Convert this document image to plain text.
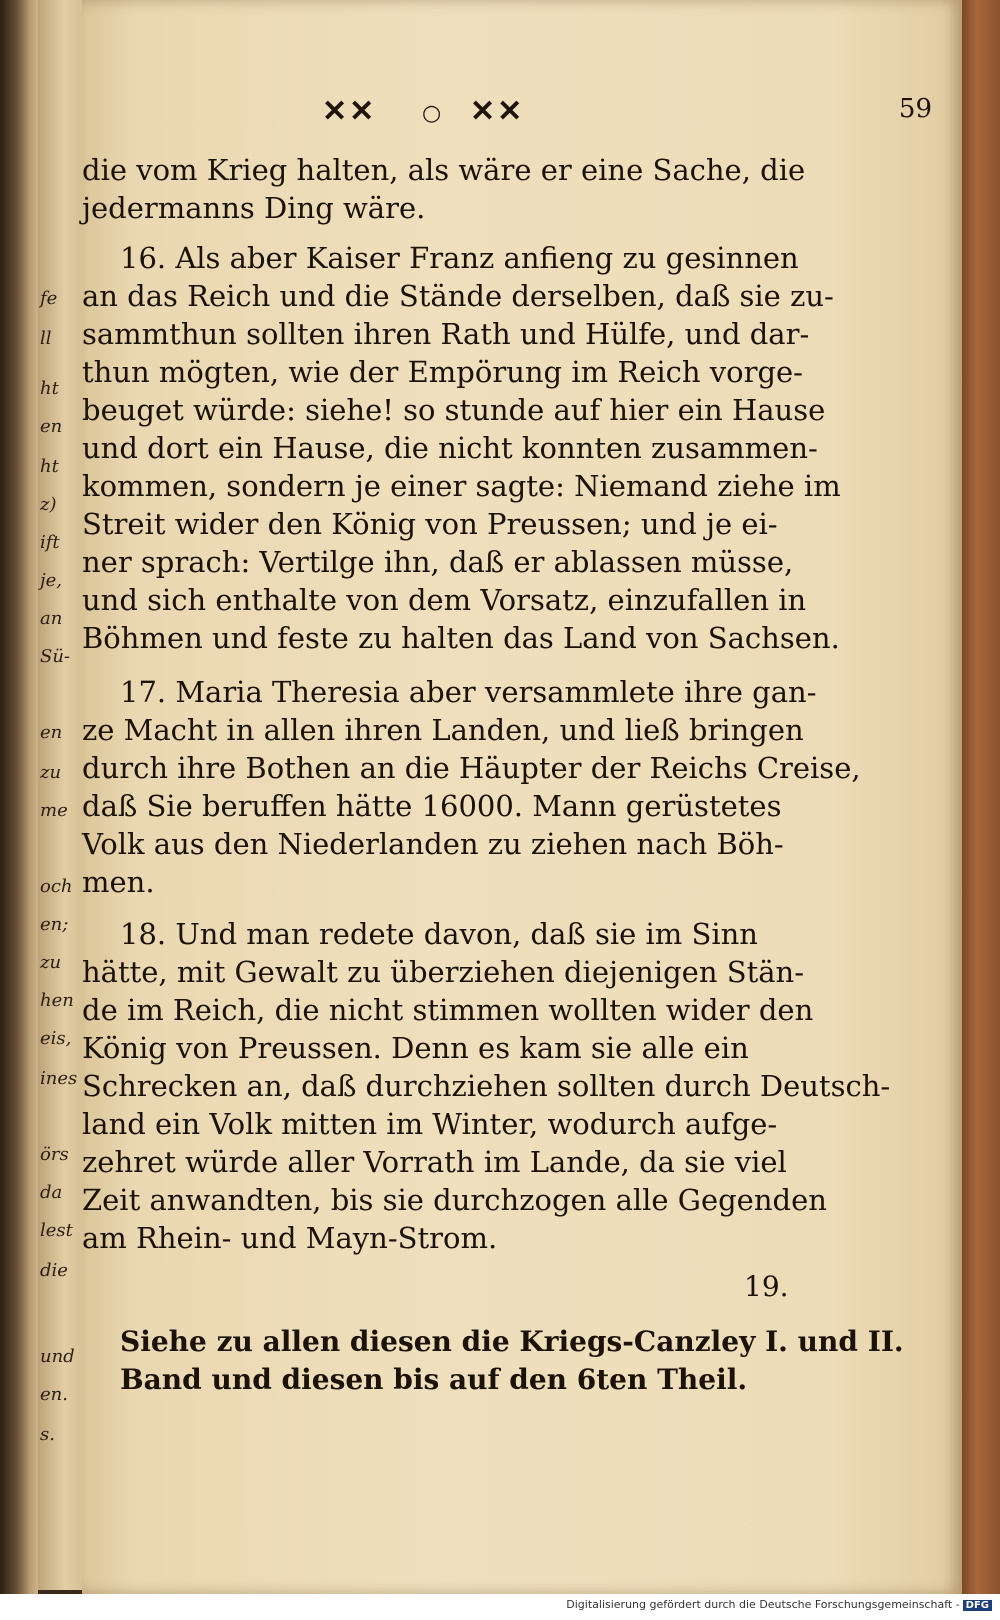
fe
ll
ht
en
ht
z)
ift
je,
an
Sü-
en
zu
me
och
en;
zu
hen
eis,
ines
örs
da
lest
die
und
en.
s.
✕✕ ○ ✕✕	59
die vom Krieg halten, als wäre er eine Sache, die
jedermanns Ding wäre.
16. Als aber Kaiser Franz anfieng zu gesinnen
an das Reich und die Stände derselben, daß sie zu-
sammthun sollten ihren Rath und Hülfe, und dar-
thun mögten, wie der Empörung im Reich vorge-
beuget würde: siehe! so stunde auf hier ein Hause
und dort ein Hause, die nicht konnten zusammen-
kommen, sondern je einer sagte: Niemand ziehe im
Streit wider den König von Preussen; und je ei-
ner sprach: Vertilge ihn, daß er ablassen müsse,
und sich enthalte von dem Vorsatz, einzufallen in
Böhmen und feste zu halten das Land von Sachsen.
17. Maria Theresia aber versammlete ihre gan-
ze Macht in allen ihren Landen, und ließ bringen
durch ihre Bothen an die Häupter der Reichs Creise,
daß Sie beruffen hätte 16000. Mann gerüstetes
Volk aus den Niederlanden zu ziehen nach Böh-
men.
18. Und man redete davon, daß sie im Sinn
hätte, mit Gewalt zu überziehen diejenigen Stän-
de im Reich, die nicht stimmen wollten wider den
König von Preussen. Denn es kam sie alle ein
Schrecken an, daß durchziehen sollten durch Deutsch-
land ein Volk mitten im Winter, wodurch aufge-
zehret würde aller Vorrath im Lande, da sie viel
Zeit anwandten, bis sie durchzogen alle Gegenden
am Rhein- und Mayn-Strom.
19.
Siehe zu allen diesen die Kriegs-Canzley I. und II.
Band und diesen bis auf den 6ten Theil.
Digitalisierung gefördert durch die Deutsche Forschungsgemeinschaft - DFG
